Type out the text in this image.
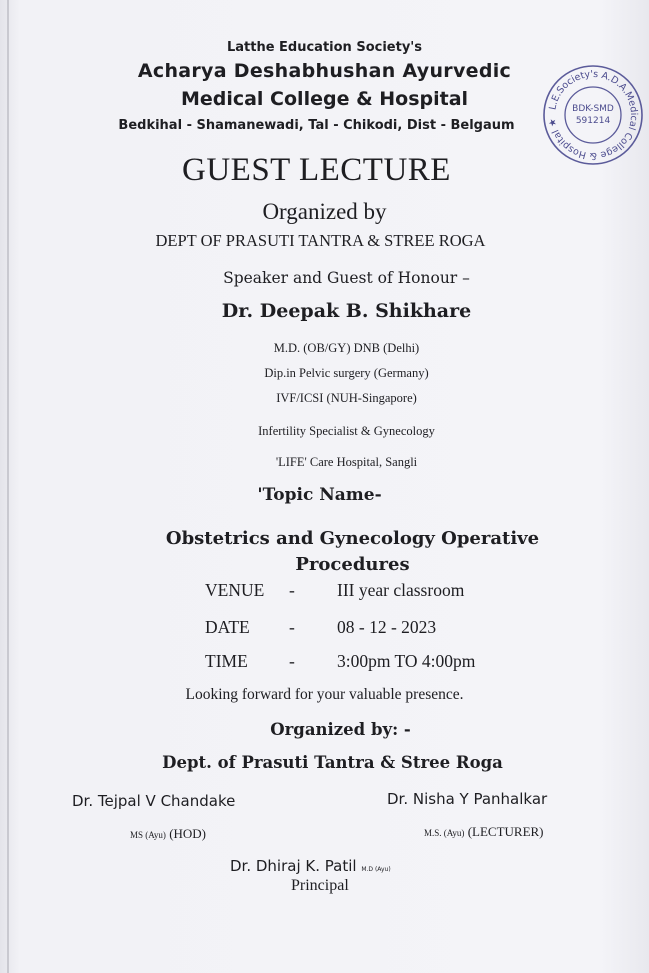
Latthe Education Society's
Acharya Deshabhushan Ayurvedic
Medical College & Hospital
Bedkihal - Shamanewadi, Tal - Chikodi, Dist - Belgaum
L.E.Society's A.D.A.Medical College & Hospital ★
BDK-SMD
591214
GUEST LECTURE
Organized by
DEPT OF PRASUTI TANTRA & STREE ROGA
Speaker and Guest of Honour –
Dr. Deepak B. Shikhare
M.D. (OB/GY) DNB (Delhi)
Dip.in Pelvic surgery (Germany)
IVF/ICSI (NUH-Singapore)
Infertility Specialist & Gynecology
'LIFE' Care Hospital, Sangli
'Topic Name-
Obstetrics and Gynecology Operative
Procedures
VENUE - III year classroom
DATE - 08 - 12 - 2023
TIME - 3:00pm TO 4:00pm
Looking forward for your valuable presence.
Organized by: -
Dept. of Prasuti Tantra & Stree Roga
Dr. Tejpal V Chandake
MS (Ayu) (HOD)
Dr. Nisha Y Panhalkar
M.S. (Ayu) (LECTURER)
Dr. Dhiraj K. Patil M.D (Ayu)
Principal
